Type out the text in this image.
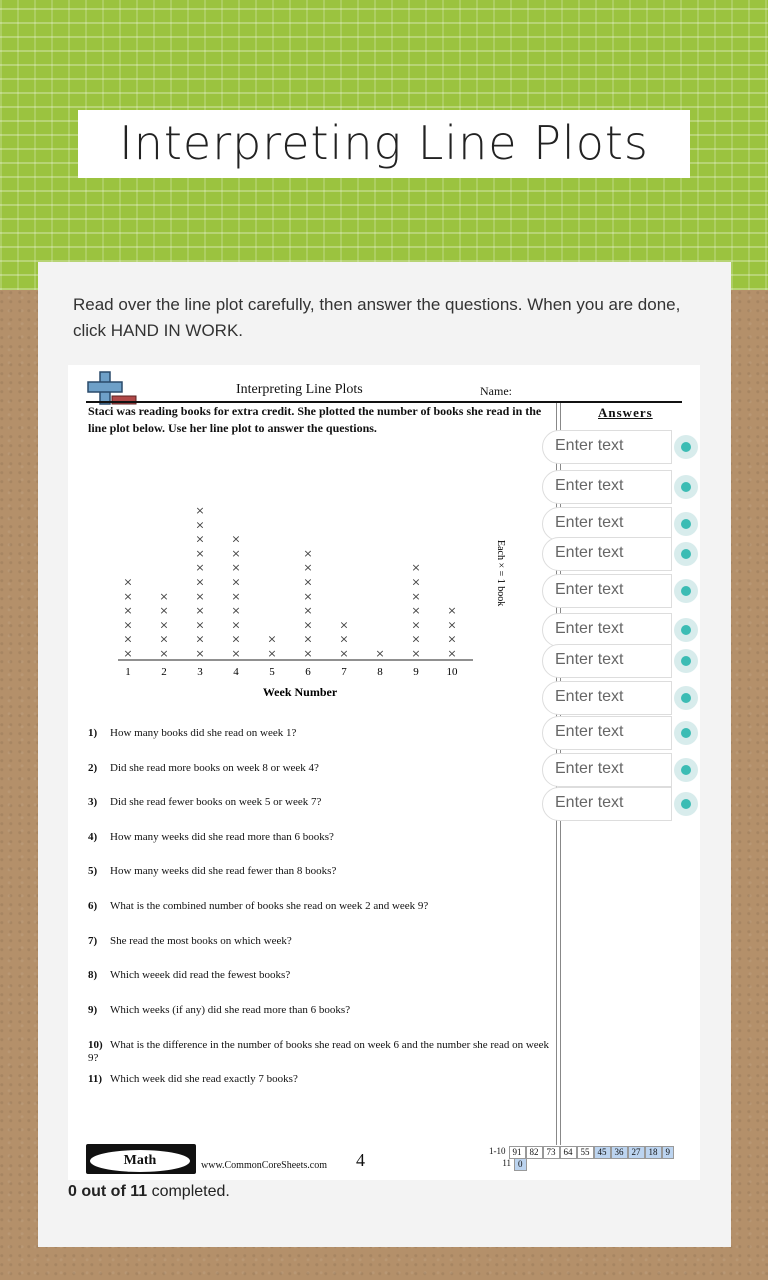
Interpreting Line Plots
Read over the line plot carefully, then answer the questions. When you are done, click HAND IN WORK.
Interpreting Line Plots	Name:
Staci was reading books for extra credit. She plotted the number of books she read in the line plot below. Use her line plot to answer the questions.
Answers
1
×
×
×
×
×
×
2
×
×
×
×
×
3
×
×
×
×
×
×
×
×
×
×
×
4
×
×
×
×
×
×
×
×
×
5
×
×
6
×
×
×
×
×
×
×
×
7
×
×
×
8
×
9
×
×
×
×
×
×
×
10
×
×
×
×
Week Number
Each × = 1 book
1) How many books did she read on week 1?
2) Did she read more books on week 8 or week 4?
3) Did she read fewer books on week 5 or week 7?
4) How many weeks did she read more than 6 books?
5) How many weeks did she read fewer than 8 books?
6) What is the combined number of books she read on week 2 and week 9?
7) She read the most books on which week?
8) Which weeek did read the fewest books?
9) Which weeks (if any) did she read more than 6 books?
10) What is the difference in the number of books she read on week 6 and the number she read on week 9?
11) Which week did she read exactly 7 books?
Math	www.CommonCoreSheets.com 4	1-10 91 82 73 64 55 45 36 27 18 9
11 0
Enter text
Enter text
Enter text
Enter text
Enter text
Enter text
Enter text
Enter text
Enter text
Enter text
Enter text
0 out of 11 completed.
